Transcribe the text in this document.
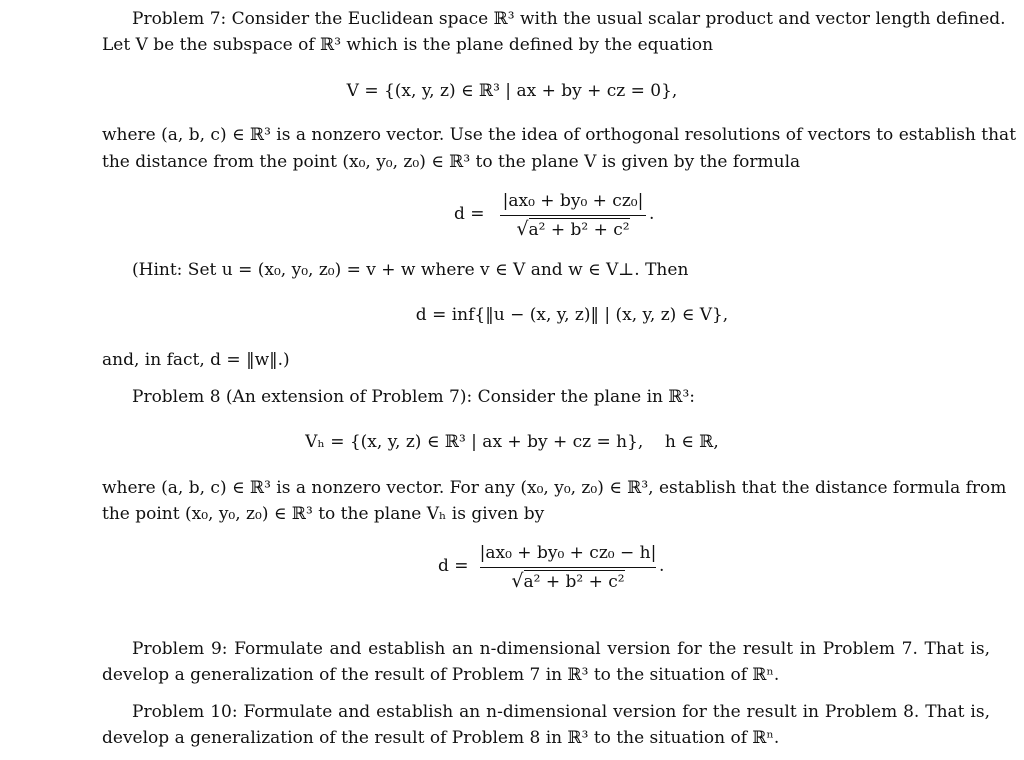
Problem 7: Consider the Euclidean space ℝ³ with the usual scalar product and vector length defined.
Let V be the subspace of ℝ³ which is the plane defined by the equation
V = {(x, y, z) ∈ ℝ³ | ax + by + cz = 0},
where (a, b, c) ∈ ℝ³ is a nonzero vector. Use the idea of orthogonal resolutions of vectors to establish that
the distance from the point (x₀, y₀, z₀) ∈ ℝ³ to the plane V is given by the formula
d =
|ax₀ + by₀ + cz₀|
√a² + b² + c²
.
(Hint: Set u = (x₀, y₀, z₀) = v + w where v ∈ V and w ∈ V⊥. Then
d = inf{‖u − (x, y, z)‖ | (x, y, z) ∈ V},
and, in fact, d = ‖w‖.)
Problem 8 (An extension of Problem 7): Consider the plane in ℝ³:
Vₕ = {(x, y, z) ∈ ℝ³ | ax + by + cz = h},    h ∈ ℝ,
where (a, b, c) ∈ ℝ³ is a nonzero vector. For any (x₀, y₀, z₀) ∈ ℝ³, establish that the distance formula from
the point (x₀, y₀, z₀) ∈ ℝ³ to the plane Vₕ is given by
d =
|ax₀ + by₀ + cz₀ − h|
√a² + b² + c²
.
Problem 9: Formulate and establish an n-dimensional version for the result in Problem 7. That is,
develop a generalization of the result of Problem 7 in ℝ³ to the situation of ℝⁿ.
Problem 10: Formulate and establish an n-dimensional version for the result in Problem 8. That is,
develop a generalization of the result of Problem 8 in ℝ³ to the situation of ℝⁿ.
